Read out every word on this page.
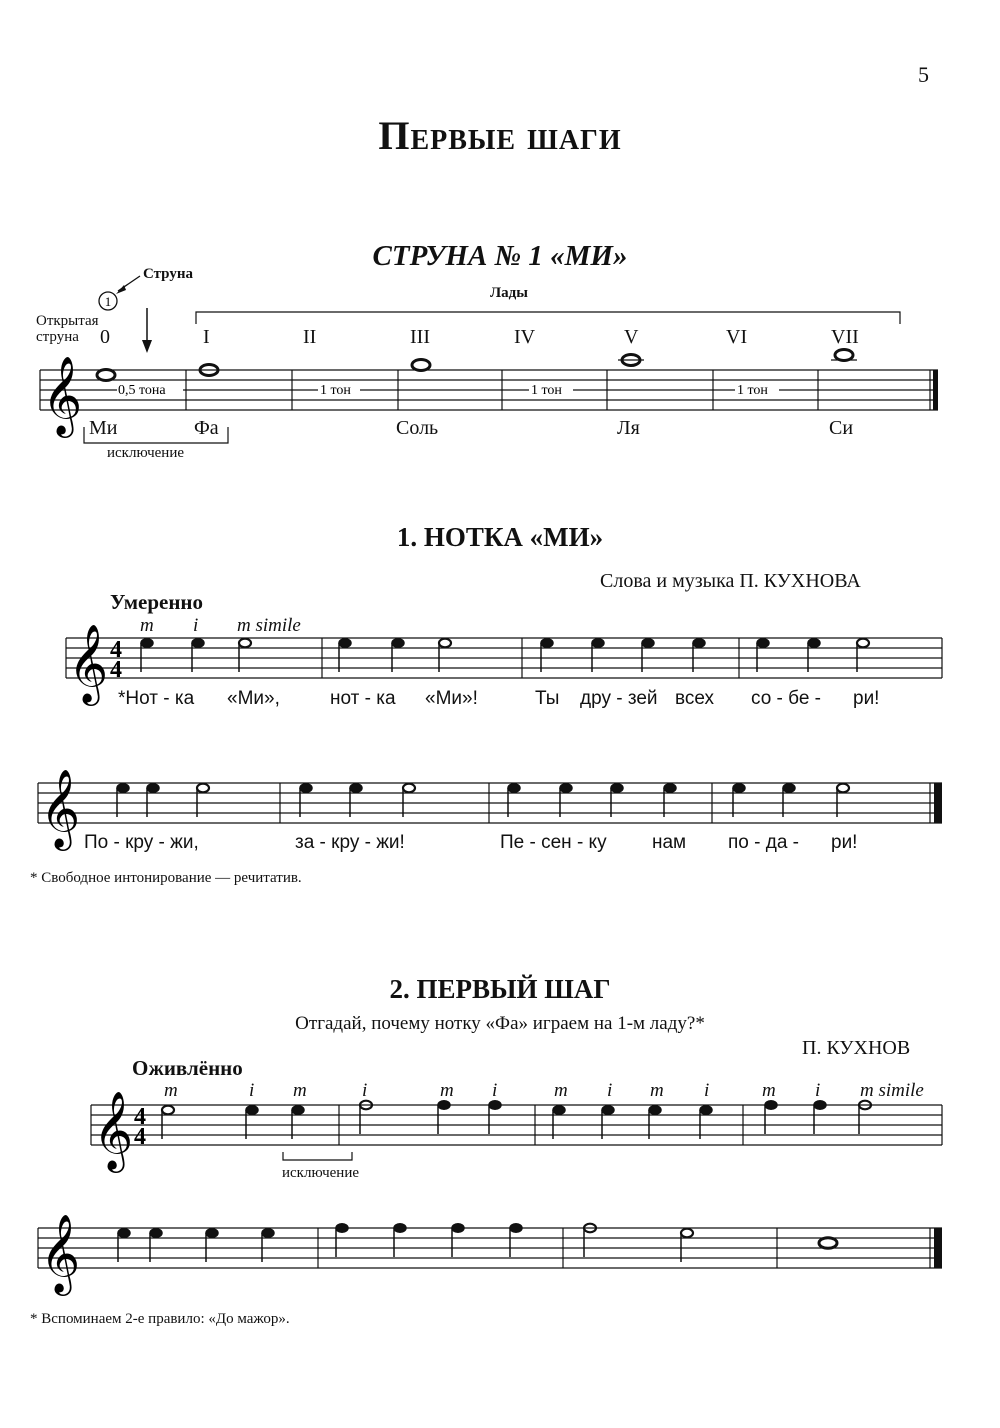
5
Первые шаги
СТРУНА № 1 «МИ»
Струна
Лады
Открытая струна	0	I	II	III	IV	V	VI	VII
1
𝄞	0,5 тона	1 тон	1 тон	1 тон
Ми	Фа	Соль	Ля	Си
исключение
1. НОТКА «МИ»
Слова и музыка П. КУХНОВА
Умеренно
m i m simile
𝄞
𝄞
4
4
*Нот - ка «Ми»,	нот - ка «Ми»!	Ты дру - зей всех со - бе - ри!
По - кру - жи,	за - кру - жи!	Пе - сен - ку нам по - да - ри!
* Свободное интонирование — речитатив.
2. ПЕРВЫЙ ШАГ
Отгадай, почему нотку «Фа» играем на 1-м ладу?*
П. КУХНОВ
Оживлённо
m	i m	i	m i	m i m i	m i m simile
𝄞
𝄞
4
4
исключение
* Вспоминаем 2-е правило: «До мажор».
